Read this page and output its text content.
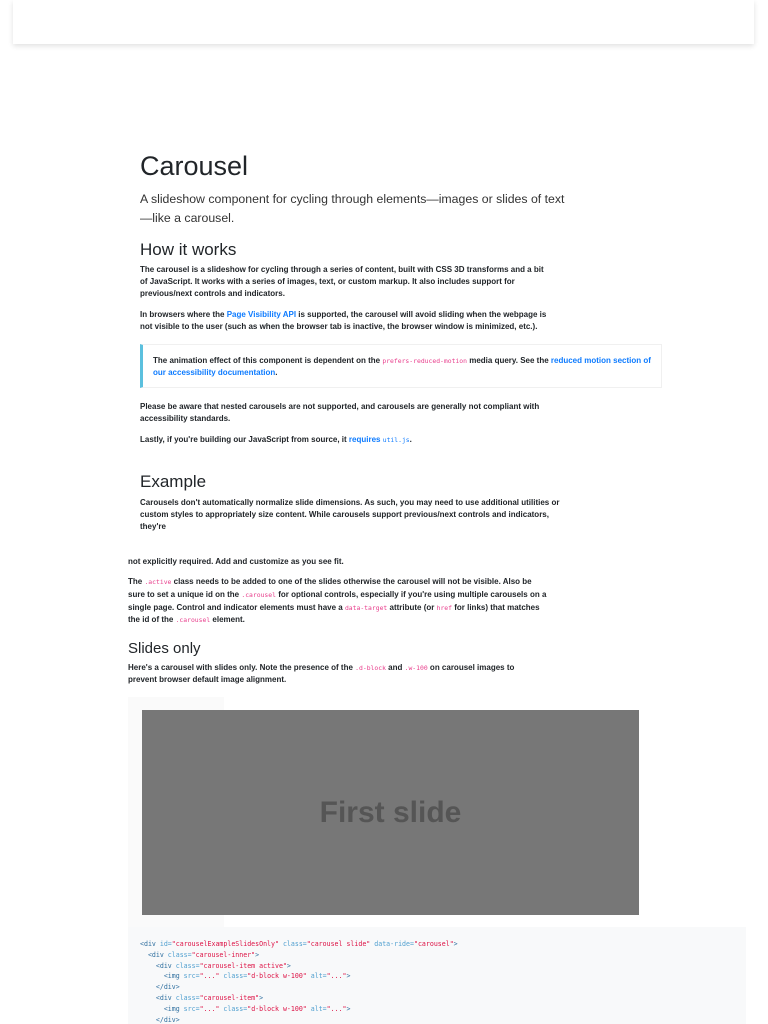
Carousel

A slideshow component for cycling through elements—images or slides of text—like a carousel.

How it works

The carousel is a slideshow for cycling through a series of content, built with CSS 3D transforms and a bit of JavaScript. It works with a series of images, text, or custom markup. It also includes support for previous/next controls and indicators.

In browsers where the Page Visibility API is supported, the carousel will avoid sliding when the webpage is not visible to the user (such as when the browser tab is inactive, the browser window is minimized, etc.).

The animation effect of this component is dependent on the prefers-reduced-motion media query. See the reduced motion section of our accessibility documentation.

Please be aware that nested carousels are not supported, and carousels are generally not compliant with accessibility standards.

Lastly, if you're building our JavaScript from source, it requires util.js.

Example

Carousels don't automatically normalize slide dimensions. As such, you may need to use additional utilities or custom styles to appropriately size content. While carousels support previous/next controls and indicators, they're

not explicitly required. Add and customize as you see fit.

The .active class needs to be added to one of the slides otherwise the carousel will not be visible. Also be sure to set a unique id on the .carousel for optional controls, especially if you're using multiple carousels on a single page. Control and indicator elements must have a data-target attribute (or href for links) that matches the id of the .carousel element.

Slides only

Here's a carousel with slides only. Note the presence of the .d-block and .w-100 on carousel images to prevent browser default image alignment.

First slide
<div id="carouselExampleSlidesOnly" class="carousel slide" data-ride="carousel">
<div class="carousel-inner">
<div class="carousel-item active">
<img src="..." class="d-block w-100" alt="...">
</div>
<div class="carousel-item">
<img src="..." class="d-block w-100" alt="...">
</div>
